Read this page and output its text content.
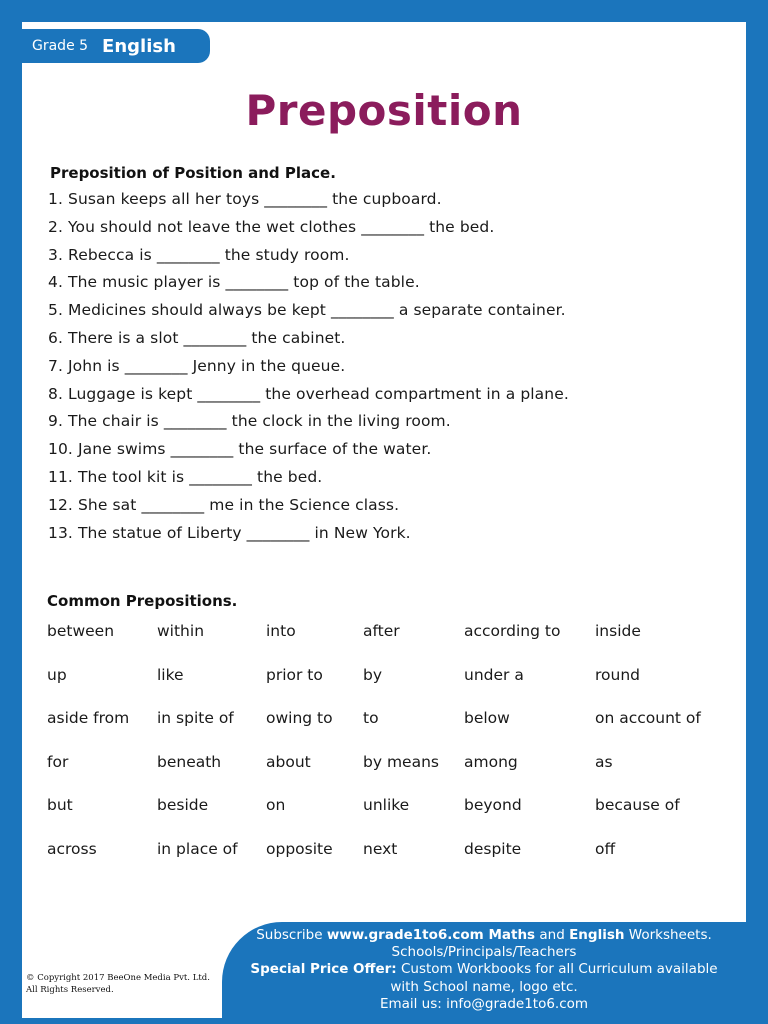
Grade 5 English
Preposition
Preposition of Position and Place.
1. Susan keeps all her toys ________ the cupboard.
2. You should not leave the wet clothes ________ the bed.
3. Rebecca is ________ the study room.
4. The music player is ________ top of the table.
5. Medicines should always be kept ________ a separate container.
6. There is a slot ________ the cabinet.
7. John is ________ Jenny in the queue.
8. Luggage is kept ________ the overhead compartment in a plane.
9. The chair is ________ the clock in the living room.
10. Jane swims ________ the surface of the water.
11. The tool kit is ________ the bed.
12. She sat ________ me in the Science class.
13. The statue of Liberty ________ in New York.
Common Prepositions.
between	within	into	after	according to	inside
up	like	prior to	by	under a	round
aside from	in spite of	owing to	to	below	on account of
for	beneath	about	by means	among	as
but	beside	on	unlike	beyond	because of
across	in place of	opposite	next	despite	off
© Copyright 2017 BeeOne Media Pvt. Ltd.
All Rights Reserved.
Subscribe www.grade1to6.com Maths and English Worksheets.
Schools/Principals/Teachers
Special Price Offer: Custom Workbooks for all Curriculum available
with School name, logo etc.
Email us: info@grade1to6.com
